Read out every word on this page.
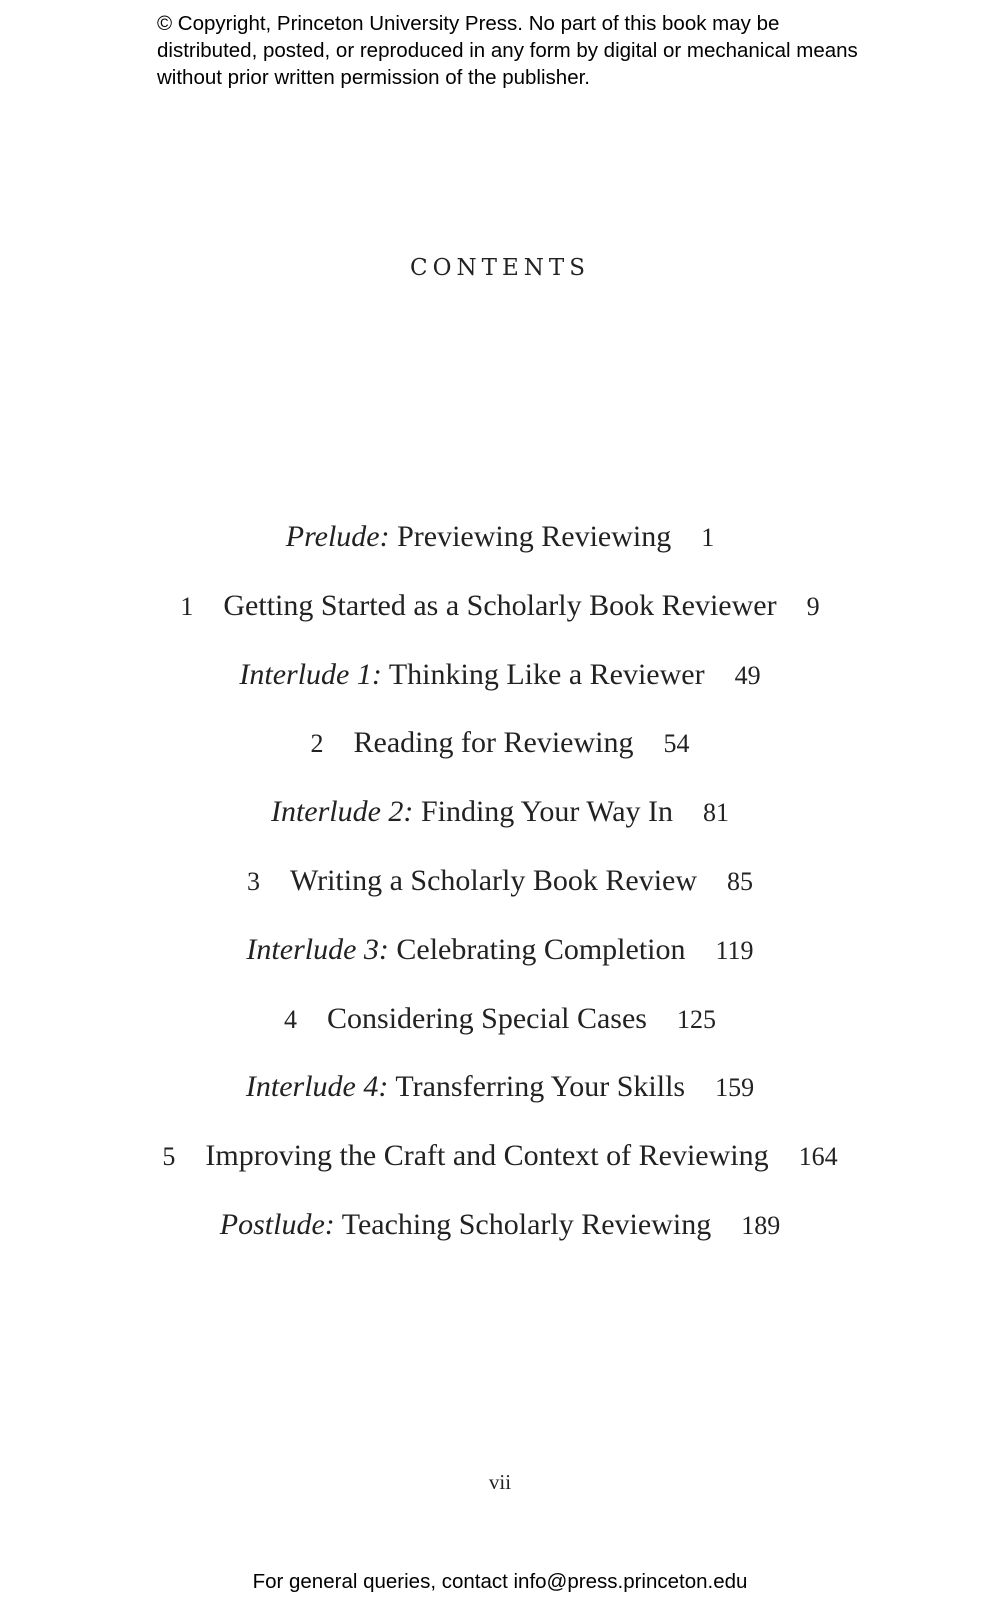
© Copyright, Princeton University Press. No part of this book may be distributed, posted, or reproduced in any form by digital or mechanical means without prior written permission of the publisher.
CONTENTS
Prelude: Previewing Reviewing 1
1 Getting Started as a Scholarly Book Reviewer 9
Interlude 1: Thinking Like a Reviewer 49
2 Reading for Reviewing 54
Interlude 2: Finding Your Way In 81
3 Writing a Scholarly Book Review 85
Interlude 3: Celebrating Completion 119
4 Considering Special Cases 125
Interlude 4: Transferring Your Skills 159
5 Improving the Craft and Context of Reviewing 164
Postlude: Teaching Scholarly Reviewing 189
vii
For general queries, contact info@press.princeton.edu
